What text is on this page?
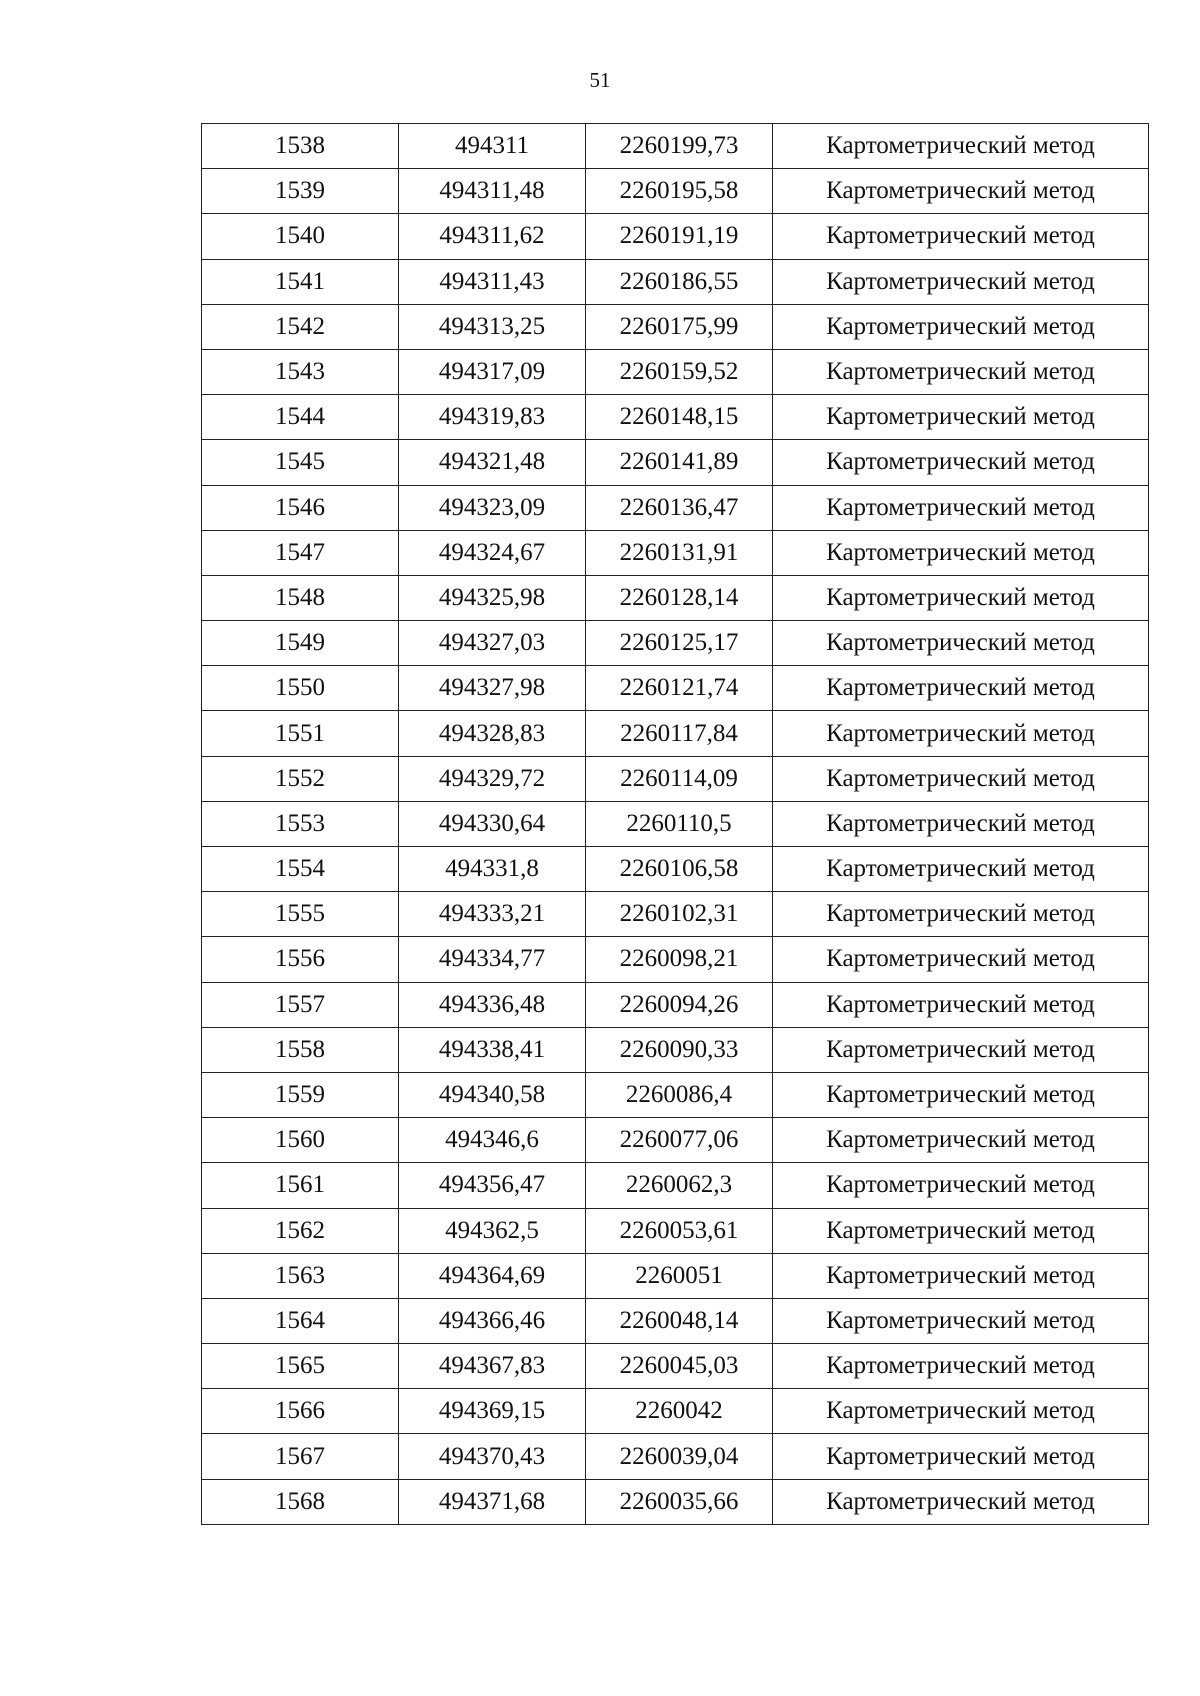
51
1538	494311	2260199,73	Картометрический метод
1539	494311,48	2260195,58	Картометрический метод
1540	494311,62	2260191,19	Картометрический метод
1541	494311,43	2260186,55	Картометрический метод
1542	494313,25	2260175,99	Картометрический метод
1543	494317,09	2260159,52	Картометрический метод
1544	494319,83	2260148,15	Картометрический метод
1545	494321,48	2260141,89	Картометрический метод
1546	494323,09	2260136,47	Картометрический метод
1547	494324,67	2260131,91	Картометрический метод
1548	494325,98	2260128,14	Картометрический метод
1549	494327,03	2260125,17	Картометрический метод
1550	494327,98	2260121,74	Картометрический метод
1551	494328,83	2260117,84	Картометрический метод
1552	494329,72	2260114,09	Картометрический метод
1553	494330,64	2260110,5	Картометрический метод
1554	494331,8	2260106,58	Картометрический метод
1555	494333,21	2260102,31	Картометрический метод
1556	494334,77	2260098,21	Картометрический метод
1557	494336,48	2260094,26	Картометрический метод
1558	494338,41	2260090,33	Картометрический метод
1559	494340,58	2260086,4	Картометрический метод
1560	494346,6	2260077,06	Картометрический метод
1561	494356,47	2260062,3	Картометрический метод
1562	494362,5	2260053,61	Картометрический метод
1563	494364,69	2260051	Картометрический метод
1564	494366,46	2260048,14	Картометрический метод
1565	494367,83	2260045,03	Картометрический метод
1566	494369,15	2260042	Картометрический метод
1567	494370,43	2260039,04	Картометрический метод
1568	494371,68	2260035,66	Картометрический метод
